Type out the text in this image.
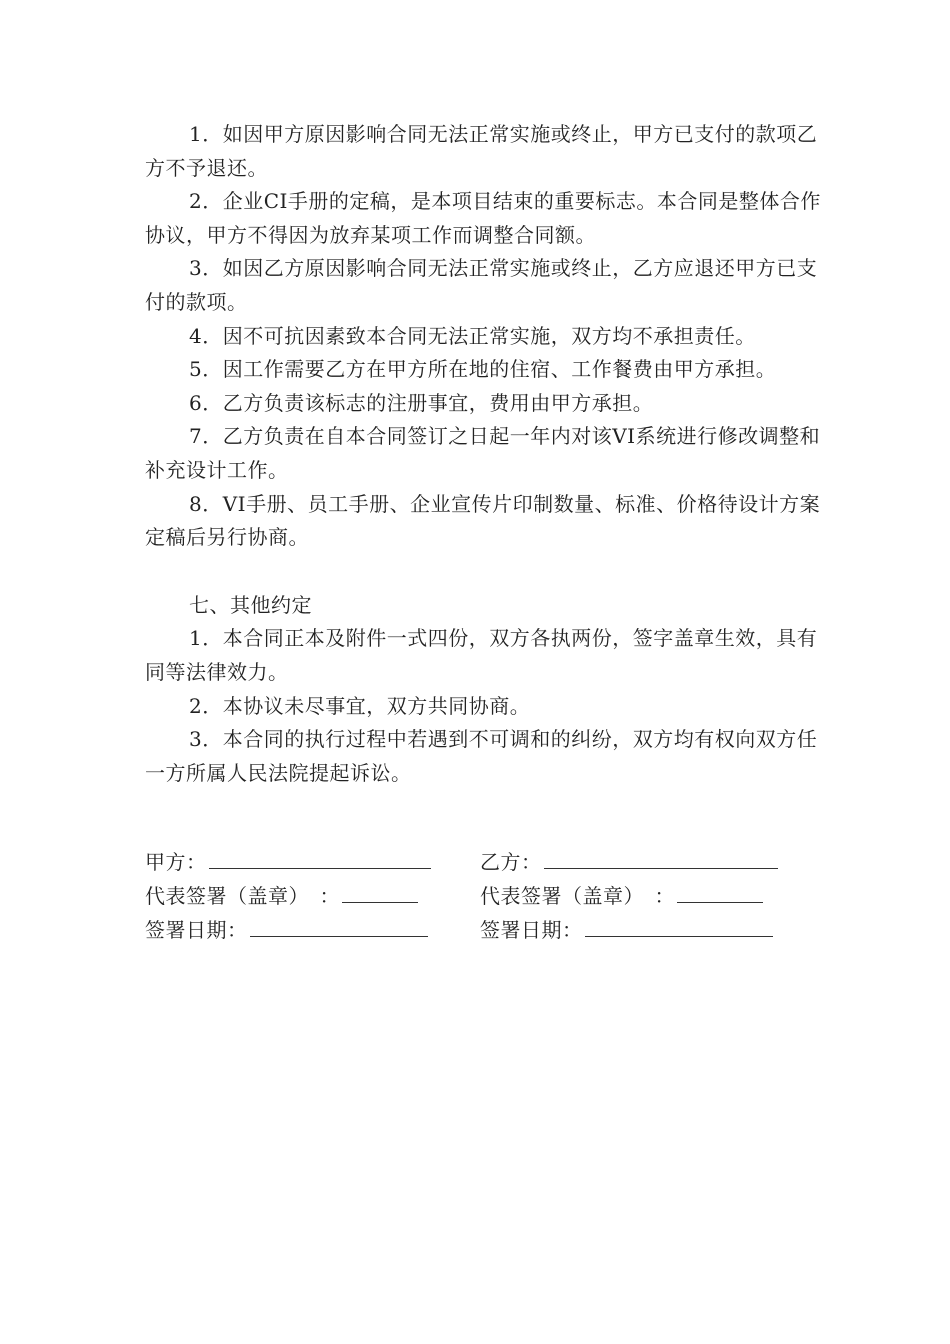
1．如因甲方原因影响合同无法正常实施或终止，甲方已支付的款项乙方不予退还。

2．企业CI手册的定稿，是本项目结束的重要标志。本合同是整体合作协议，甲方不得因为放弃某项工作而调整合同额。

3．如因乙方原因影响合同无法正常实施或终止，乙方应退还甲方已支付的款项。

4．因不可抗因素致本合同无法正常实施，双方均不承担责任。

5．因工作需要乙方在甲方所在地的住宿、工作餐费由甲方承担。

6．乙方负责该标志的注册事宜，费用由甲方承担。

7．乙方负责在自本合同签订之日起一年内对该VI系统进行修改调整和补充设计工作。

8．VI手册、员工手册、企业宣传片印制数量、标准、价格待设计方案定稿后另行协商。

七、其他约定

1．本合同正本及附件一式四份，双方各执两份，签字盖章生效，具有同等法律效力。

2．本协议未尽事宜，双方共同协商。

3．本合同的执行过程中若遇到不可调和的纠纷，双方均有权向双方任一方所属人民法院提起诉讼。

甲方：	乙方：
代表签署（盖章）　：	代表签署（盖章）　：
签署日期：	签署日期：
